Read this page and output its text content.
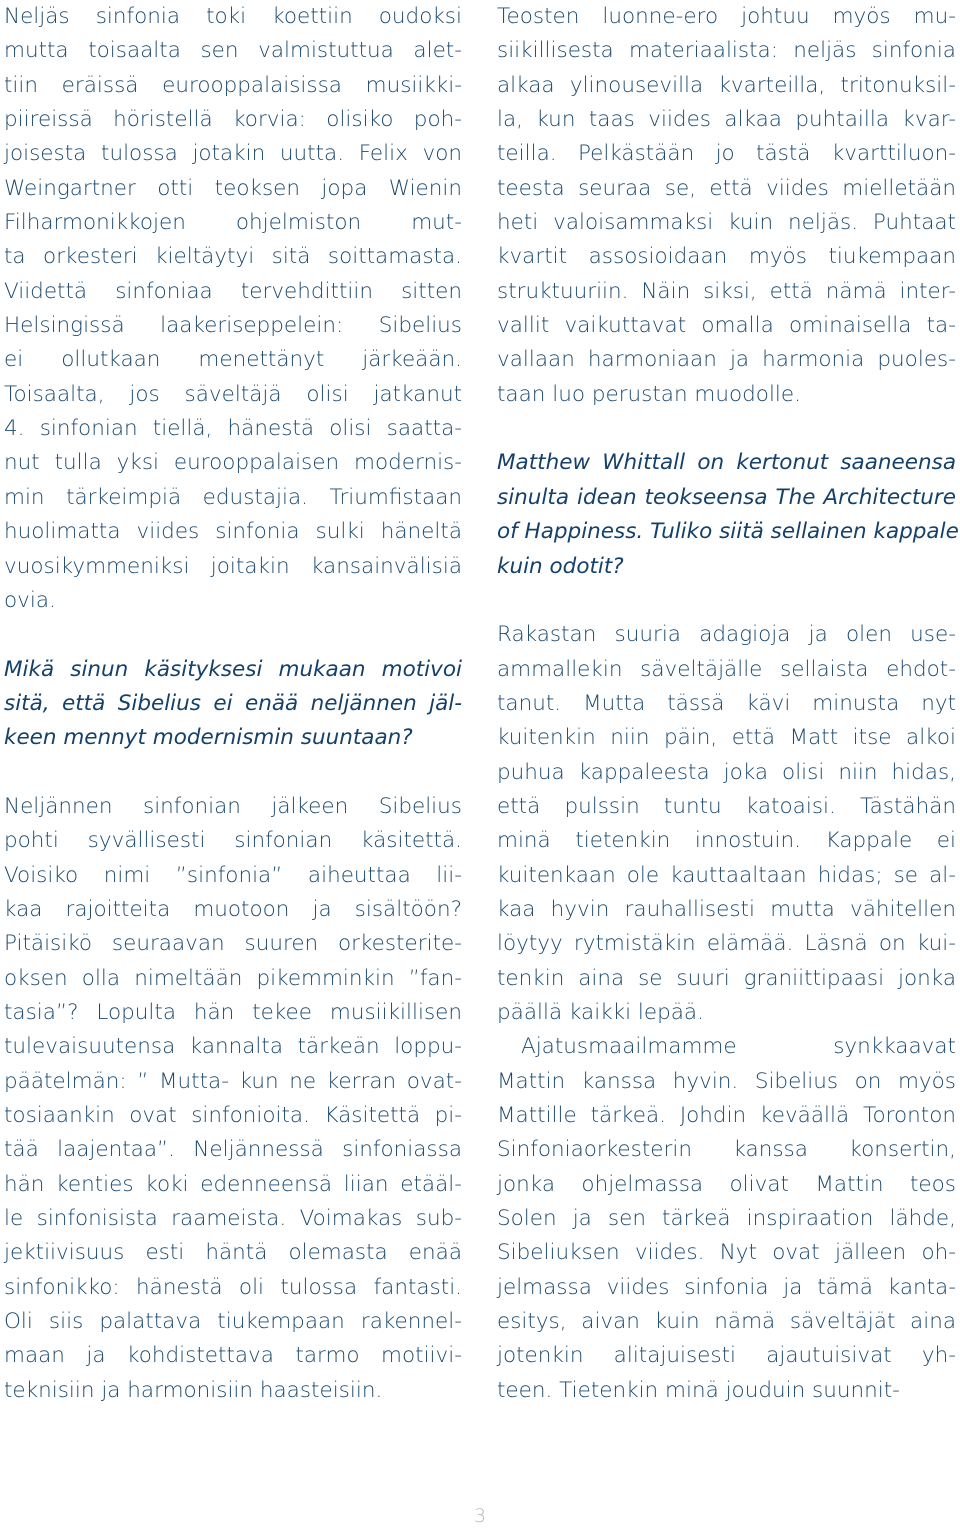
Neljäs sinfonia toki koettiin oudoksi
mutta toisaalta sen valmistuttua alet-
tiin eräissä eurooppalaisissa musiikki-
piireissä höristellä korvia: olisiko poh-
joisesta tulossa jotakin uutta. Felix von
Weingartner otti teoksen jopa Wienin
Filharmonikkojen ohjelmiston mut-
ta orkesteri kieltäytyi sitä soittamasta.
Viidettä sinfoniaa tervehdittiin sitten
Helsingissä laakeriseppelein: Sibelius
ei ollutkaan menettänyt järkeään.
Toisaalta, jos säveltäjä olisi jatkanut
4. sinfonian tiellä, hänestä olisi saatta-
nut tulla yksi eurooppalaisen modernis-
min tärkeimpiä edustajia. Triumfistaan
huolimatta viides sinfonia sulki häneltä
vuosikymmeniksi joitakin kansainvälisiä
ovia.
Mikä sinun käsityksesi mukaan motivoi
sitä, että Sibelius ei enää neljännen jäl-
keen mennyt modernismin suuntaan?
Neljännen sinfonian jälkeen Sibelius
pohti syvällisesti sinfonian käsitettä.
Voisiko nimi ”sinfonia” aiheuttaa lii-
kaa rajoitteita muotoon ja sisältöön?
Pitäisikö seuraavan suuren orkesterite-
oksen olla nimeltään pikemminkin ”fan-
tasia”? Lopulta hän tekee musiikillisen
tulevaisuutensa kannalta tärkeän loppu-
päätelmän: ” Mutta- kun ne kerran ovat-
tosiaankin ovat sinfonioita. Käsitettä pi-
tää laajentaa”. Neljännessä sinfoniassa
hän kenties koki edenneensä liian etääl-
le sinfonisista raameista. Voimakas sub-
jektiivisuus esti häntä olemasta enää
sinfonikko: hänestä oli tulossa fantasti.
Oli siis palattava tiukempaan rakennel-
maan ja kohdistettava tarmo motiivi-
teknisiin ja harmonisiin haasteisiin.
Teosten luonne-ero johtuu myös mu-
siikillisesta materiaalista: neljäs sinfonia
alkaa ylinousevilla kvarteilla, tritonuksil-
la, kun taas viides alkaa puhtailla kvar-
teilla. Pelkästään jo tästä kvarttiluon-
teesta seuraa se, että viides mielletään
heti valoisammaksi kuin neljäs. Puhtaat
kvartit assosioidaan myös tiukempaan
struktuuriin. Näin siksi, että nämä inter-
vallit vaikuttavat omalla ominaisella ta-
vallaan harmoniaan ja harmonia puoles-
taan luo perustan muodolle.
Matthew Whittall on kertonut saaneensa
sinulta idean teokseensa The Architecture
of Happiness. Tuliko siitä sellainen kappale
kuin odotit?
Rakastan suuria adagioja ja olen use-
ammallekin säveltäjälle sellaista ehdot-
tanut. Mutta tässä kävi minusta nyt
kuitenkin niin päin, että Matt itse alkoi
puhua kappaleesta joka olisi niin hidas,
että pulssin tuntu katoaisi. Tästähän
minä tietenkin innostuin. Kappale ei
kuitenkaan ole kauttaaltaan hidas; se al-
kaa hyvin rauhallisesti mutta vähitellen
löytyy rytmistäkin elämää. Läsnä on kui-
tenkin aina se suuri graniittipaasi jonka
päällä kaikki lepää.
Ajatusmaailmamme synkkaavat
Mattin kanssa hyvin. Sibelius on myös
Mattille tärkeä. Johdin keväällä Toronton
Sinfoniaorkesterin kanssa konsertin,
jonka ohjelmassa olivat Mattin teos
Solen ja sen tärkeä inspiraation lähde,
Sibeliuksen viides. Nyt ovat jälleen oh-
jelmassa viides sinfonia ja tämä kanta-
esitys, aivan kuin nämä säveltäjät aina
jotenkin alitajuisesti ajautuisivat yh-
teen. Tietenkin minä jouduin suunnit-
3
